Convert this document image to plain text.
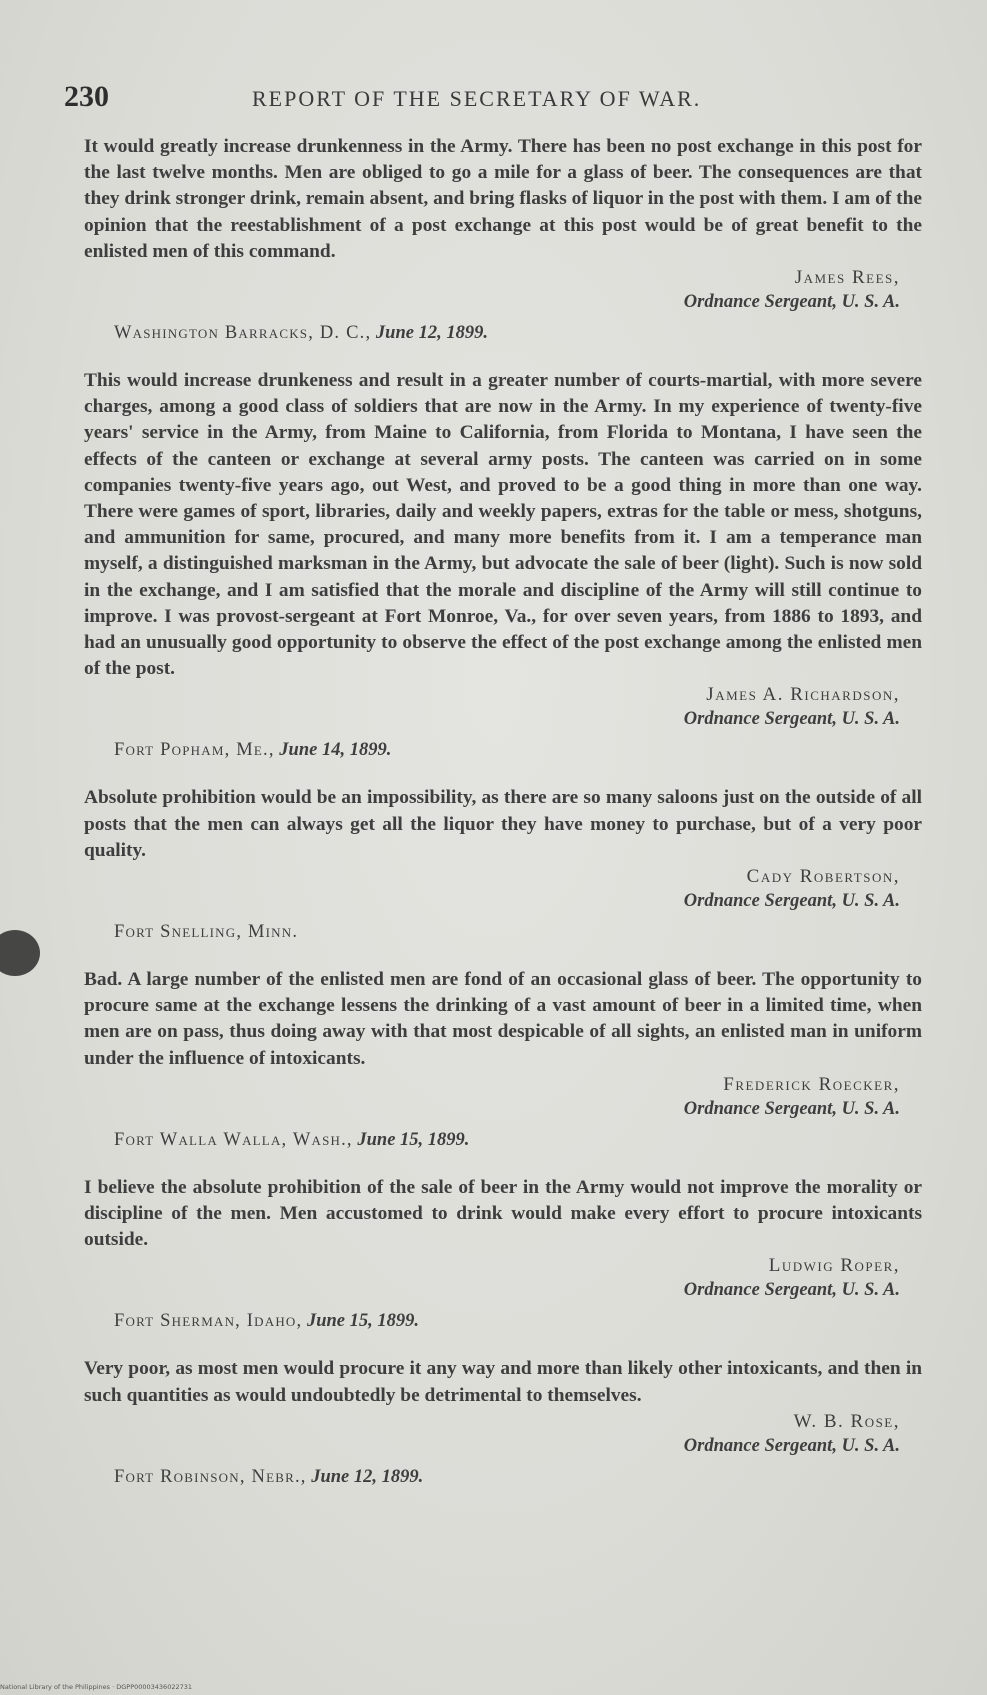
230	REPORT OF THE SECRETARY OF WAR.

It would greatly increase drunkenness in the Army. There has been no post exchange in this post for the last twelve months. Men are obliged to go a mile for a glass of beer. The consequences are that they drink stronger drink, remain absent, and bring flasks of liquor in the post with them. I am of the opinion that the reestablishment of a post exchange at this post would be of great benefit to the enlisted men of this command.

James Rees,
Ordnance Sergeant, U. S. A.
Washington Barracks, D. C., June 12, 1899.

This would increase drunkeness and result in a greater number of courts-martial, with more severe charges, among a good class of soldiers that are now in the Army. In my experience of twenty-five years' service in the Army, from Maine to California, from Florida to Montana, I have seen the effects of the canteen or exchange at several army posts. The canteen was carried on in some companies twenty-five years ago, out West, and proved to be a good thing in more than one way. There were games of sport, libraries, daily and weekly papers, extras for the table or mess, shotguns, and ammunition for same, procured, and many more benefits from it. I am a temperance man myself, a distinguished marksman in the Army, but advocate the sale of beer (light). Such is now sold in the exchange, and I am satisfied that the morale and discipline of the Army will still continue to improve. I was provost-sergeant at Fort Monroe, Va., for over seven years, from 1886 to 1893, and had an unusually good opportunity to observe the effect of the post exchange among the enlisted men of the post.

James A. Richardson,
Ordnance Sergeant, U. S. A.
Fort Popham, Me., June 14, 1899.

Absolute prohibition would be an impossibility, as there are so many saloons just on the outside of all posts that the men can always get all the liquor they have money to purchase, but of a very poor quality.

Cady Robertson,
Ordnance Sergeant, U. S. A.
Fort Snelling, Minn.

Bad. A large number of the enlisted men are fond of an occasional glass of beer. The opportunity to procure same at the exchange lessens the drinking of a vast amount of beer in a limited time, when men are on pass, thus doing away with that most despicable of all sights, an enlisted man in uniform under the influence of intoxicants.

Frederick Roecker,
Ordnance Sergeant, U. S. A.
Fort Walla Walla, Wash., June 15, 1899.

I believe the absolute prohibition of the sale of beer in the Army would not improve the morality or discipline of the men. Men accustomed to drink would make every effort to procure intoxicants outside.

Ludwig Roper,
Ordnance Sergeant, U. S. A.
Fort Sherman, Idaho, June 15, 1899.

Very poor, as most men would procure it any way and more than likely other intoxicants, and then in such quantities as would undoubtedly be detrimental to themselves.

W. B. Rose,
Ordnance Sergeant, U. S. A.
Fort Robinson, Nebr., June 12, 1899.
National Library of the Philippines · DGPP00003436022731
